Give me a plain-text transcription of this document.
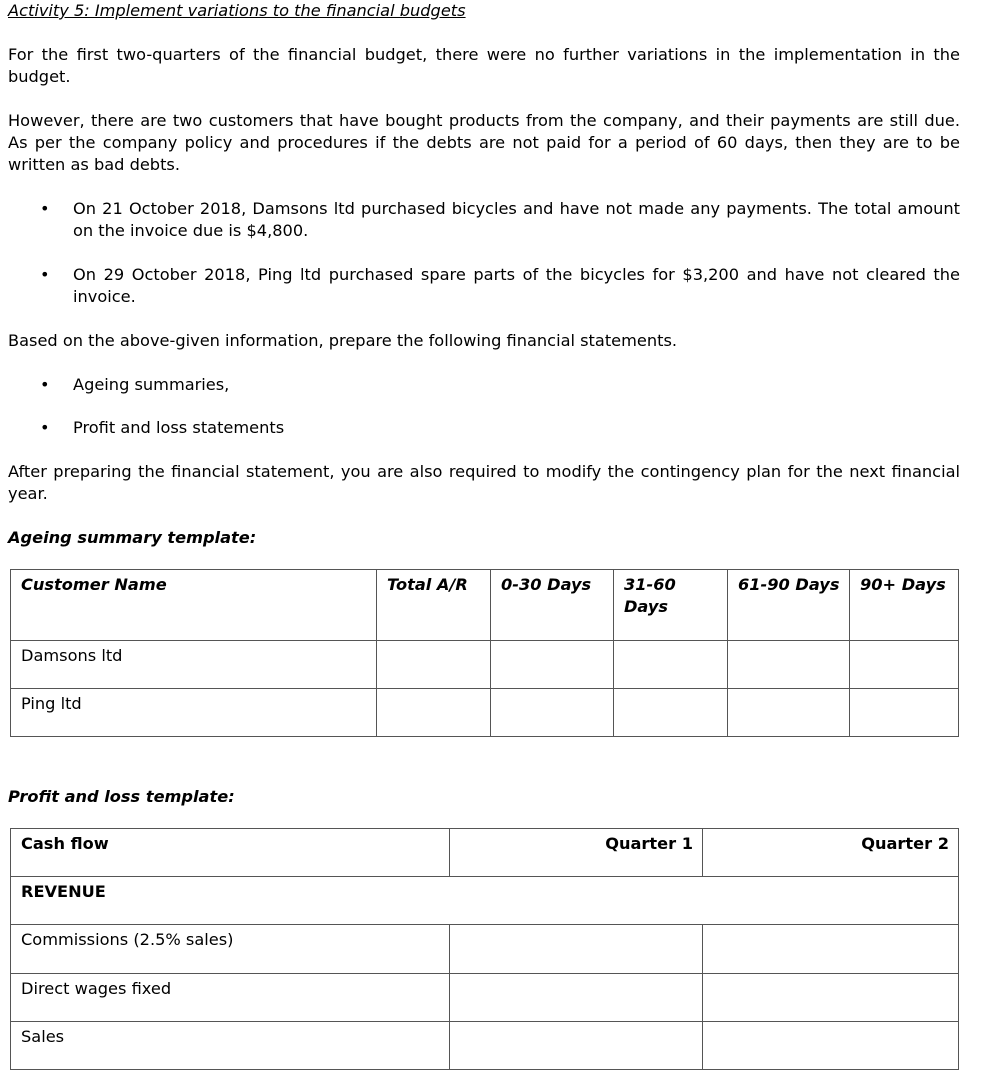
Activity 5: Implement variations to the financial budgets

For the first two-quarters of the financial budget, there were no further variations in the implementation in the budget.

However, there are two customers that have bought products from the company, and their payments are still due. As per the company policy and procedures if the debts are not paid for a period of 60 days, then they are to be written as bad debts.

• On 21 October 2018, Damsons ltd purchased bicycles and have not made any payments. The total amount on the invoice due is $4,800.
• On 29 October 2018, Ping ltd purchased spare parts of the bicycles for $3,200 and have not cleared the invoice.

Based on the above-given information, prepare the following financial statements.

• Ageing summaries,
• Profit and loss statements

After preparing the financial statement, you are also required to modify the contingency plan for the next financial year.

Ageing summary template:
Customer Name	Total A/R	0-30 Days	31-60 Days	61-90 Days	90+ Days
Damsons ltd					
Ping ltd					
Profit and loss template:
Cash flow	Quarter 1	Quarter 2
REVENUE		
Commissions (2.5% sales)		
Direct wages fixed		
Sales		
